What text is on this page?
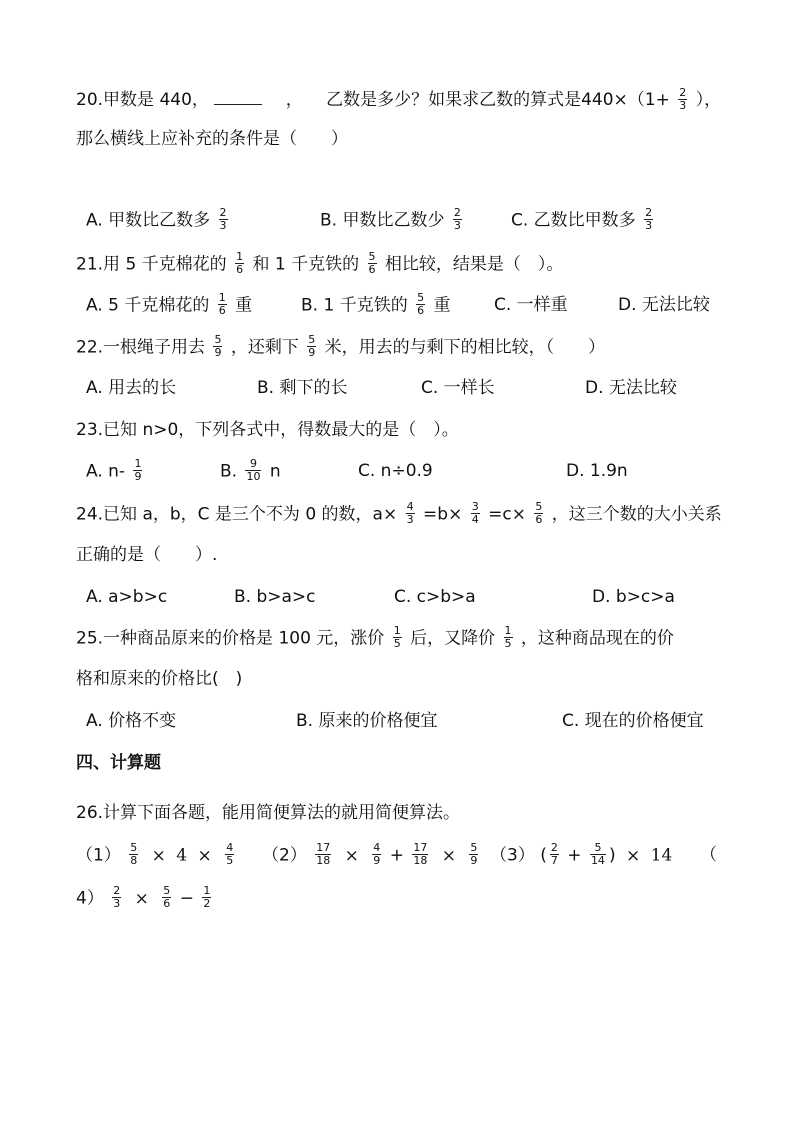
20.甲数是 440，	， 乙数是多少？如果求乙数的算式是$440\times(1+ \frac{2}{3}$ ），
那么横线上应补充的条件是（　　）
A. 甲数比乙数多 $\frac{2}{3}$	B. 甲数比乙数少 $\frac{2}{3}$	C. 乙数比甲数多 $\frac{2}{3}$
21.用 5 千克棉花的 $\frac{1}{6}$ 和 1 千克铁的 $\frac{5}{6}$ 相比较，结果是（　）。
A. 5 千克棉花的 $\frac{1}{6}$ 重	B. 1 千克铁的 $\frac{5}{6}$ 重	C. 一样重	D. 无法比较
22.一根绳子用去 $\frac{5}{9}$ ，还剩下 $\frac{5}{9}$ 米，用去的与剩下的相比较，（　　）
A. 用去的长	B. 剩下的长	C. 一样长	D. 无法比较
23.已知 n>0，下列各式中，得数最大的是（　）。
A. $n- \frac{1}{9}$	B. $\frac{9}{10}$ n	C. n÷0.9	D. 1.9n
24.已知 a，b，C 是三个不为 0 的数，$a\times \frac{4}{3} =b\times \frac{3}{4} =c\times \frac{5}{6}$ ，这三个数的大小关系
正确的是（　　）.
A. a>b>c	B. b>a>c	C. c>b>a	D. b>c>a
25.一种商品原来的价格是 100 元，涨价 $\frac{1}{5}$ 后，又降价 $\frac{1}{5}$ ，这种商品现在的价
格和原来的价格比(　)
A. 价格不变	B. 原来的价格便宜	C. 现在的价格便宜
四、计算题
26.计算下面各题，能用简便算法的就用简便算法。
$(1) \frac{5}{8} \times 4 \times \frac{4}{5} (2) \frac{17}{18} \times \frac{4}{9} + \frac{17}{18} \times \frac{5}{9} (3)$ ( $\frac{2}{7} + \frac{5}{14}$ ) × 14 （
$4) \frac{2}{3} \times \frac{5}{6} - \frac{1}{2}$
